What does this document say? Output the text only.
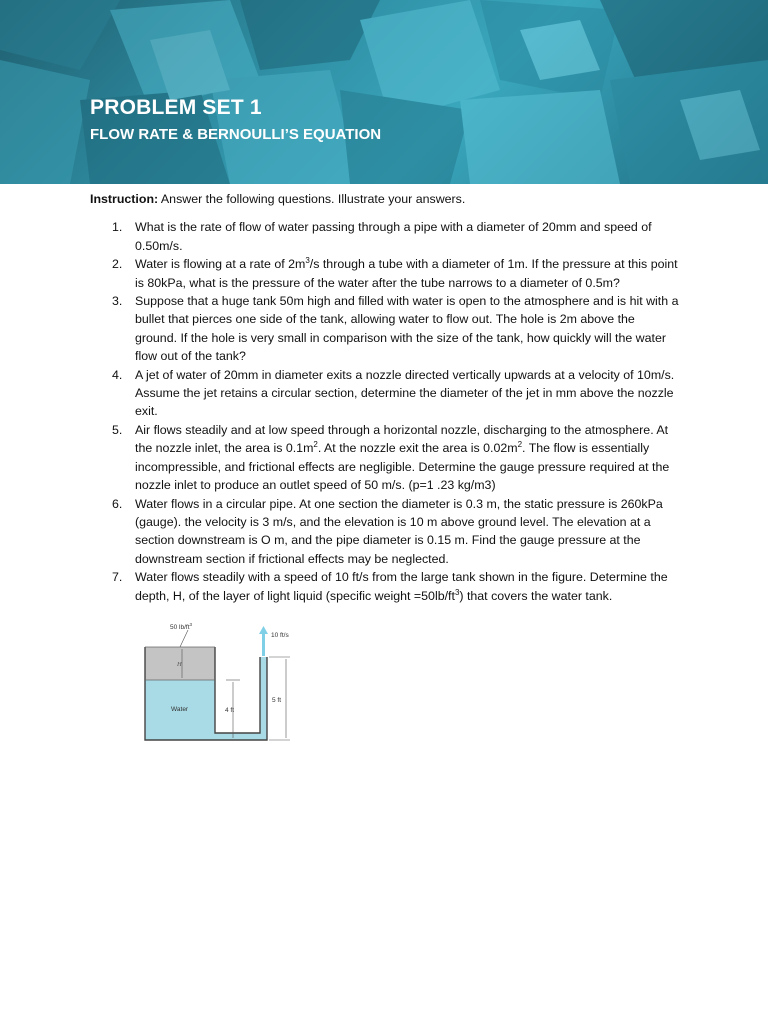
PROBLEM SET 1
FLOW RATE & BERNOULLI’S EQUATION

Instruction: Answer the following questions. Illustrate your answers.

1. What is the rate of flow of water passing through a pipe with a diameter of 20mm and speed of 0.50m/s.
2. Water is flowing at a rate of $2m^3/s$ through a tube with a diameter of 1m. If the pressure at this point is 80kPa, what is the pressure of the water after the tube narrows to a diameter of 0.5m?
3. Suppose that a huge tank 50m high and filled with water is open to the atmosphere and is hit with a bullet that pierces one side of the tank, allowing water to flow out. The hole is 2m above the ground. If the hole is very small in comparison with the size of the tank, how quickly will the water flow out of the tank?
4. A jet of water of 20mm in diameter exits a nozzle directed vertically upwards at a velocity of 10m/s. Assume the jet retains a circular section, determine the diameter of the jet in mm above the nozzle exit.
5. Air flows steadily and at low speed through a horizontal nozzle, discharging to the atmosphere. At the nozzle inlet, the area is $0.1m^2$. At the nozzle exit the area is $0.02m^2$. The flow is essentially incompressible, and frictional effects are negligible. Determine the gauge pressure required at the nozzle inlet to produce an outlet speed of 50 m/s. (p=1 .23 kg/m3)
6. Water flows in a circular pipe. At one section the diameter is 0.3 m, the static pressure is 260kPa (gauge). the velocity is 3 m/s, and the elevation is 10 m above ground level. The elevation at a section downstream is O m, and the pipe diameter is 0.15 m. Find the gauge pressure at the downstream section if frictional effects may be neglected.
7. Water flows steadily with a speed of 10 ft/s from the large tank shown in the figure. Determine the depth, H, of the layer of light liquid (specific weight $=50lb/ft^3$) that covers the water tank.
50 $lb/ft^3$
H
Water	4 ft
5 ft
10 ft/s
